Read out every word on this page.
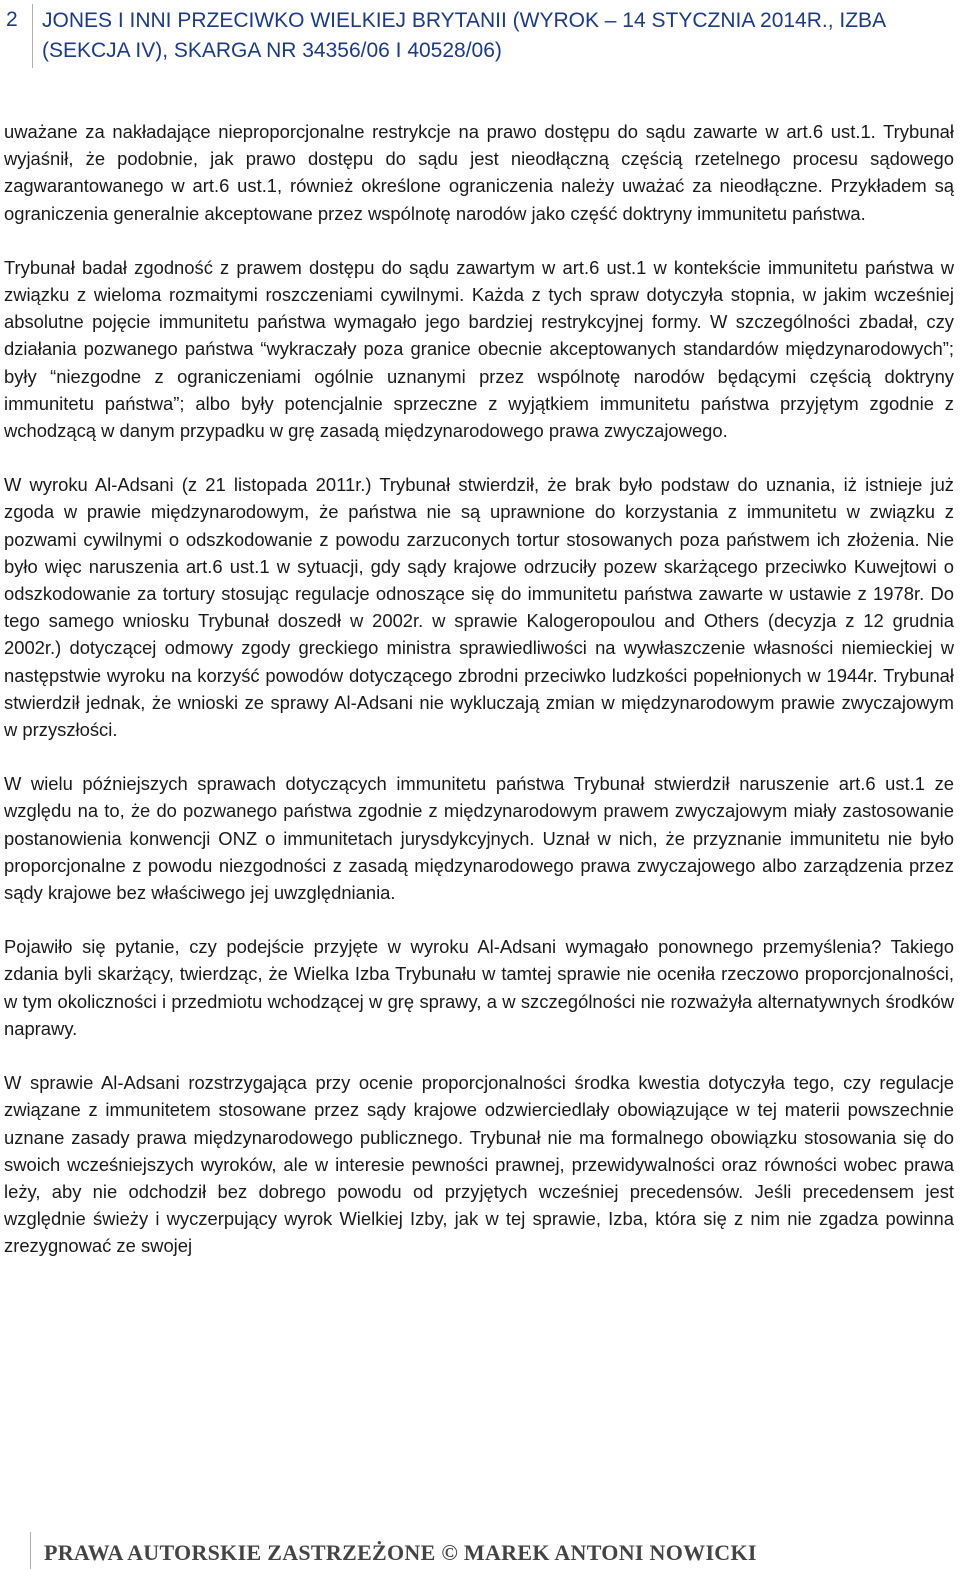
2	JONES I INNI PRZECIWKO WIELKIEJ BRYTANII (WYROK – 14 STYCZNIA 2014R., IZBA (SEKCJA IV), SKARGA NR 34356/06 I 40528/06)

uważane za nakładające nieproporcjonalne restrykcje na prawo dostępu do sądu zawarte w art.6 ust.1. Trybunał wyjaśnił, że podobnie, jak prawo dostępu do sądu jest nieodłączną częścią rzetelnego procesu sądowego zagwarantowanego w art.6 ust.1, również określone ograniczenia należy uważać za nieodłączne. Przykładem są ograniczenia generalnie akceptowane przez wspólnotę narodów jako część doktryny immunitetu państwa.

Trybunał badał zgodność z prawem dostępu do sądu zawartym w art.6 ust.1 w kontekście immunitetu państwa w związku z wieloma rozmaitymi roszczeniami cywilnymi. Każda z tych spraw dotyczyła stopnia, w jakim wcześniej absolutne pojęcie immunitetu państwa wymagało jego bardziej restrykcyjnej formy. W szczególności zbadał, czy działania pozwanego państwa “wykraczały poza granice obecnie akceptowanych standardów międzynarodowych”; były “niezgodne z ograniczeniami ogólnie uznanymi przez wspólnotę narodów będącymi częścią doktryny immunitetu państwa”; albo były potencjalnie sprzeczne z wyjątkiem immunitetu państwa przyjętym zgodnie z wchodzącą w danym przypadku w grę zasadą międzynarodowego prawa zwyczajowego.

W wyroku Al-Adsani (z 21 listopada 2011r.) Trybunał stwierdził, że brak było podstaw do uznania, iż istnieje już zgoda w prawie międzynarodowym, że państwa nie są uprawnione do korzystania z immunitetu w związku z pozwami cywilnymi o odszkodowanie z powodu zarzuconych tortur stosowanych poza państwem ich złożenia. Nie było więc naruszenia art.6 ust.1 w sytuacji, gdy sądy krajowe odrzuciły pozew skarżącego przeciwko Kuwejtowi o odszkodowanie za tortury stosując regulacje odnoszące się do immunitetu państwa zawarte w ustawie z 1978r. Do tego samego wniosku Trybunał doszedł w 2002r. w sprawie Kalogeropoulou and Others (decyzja z 12 grudnia 2002r.) dotyczącej odmowy zgody greckiego ministra sprawiedliwości na wywłaszczenie własności niemieckiej w następstwie wyroku na korzyść powodów dotyczącego zbrodni przeciwko ludzkości popełnionych w 1944r. Trybunał stwierdził jednak, że wnioski ze sprawy Al-Adsani nie wykluczają zmian w międzynarodowym prawie zwyczajowym w przyszłości.

W wielu późniejszych sprawach dotyczących immunitetu państwa Trybunał stwierdził naruszenie art.6 ust.1 ze względu na to, że do pozwanego państwa zgodnie z międzynarodowym prawem zwyczajowym miały zastosowanie postanowienia konwencji ONZ o immunitetach jurysdykcyjnych. Uznał w nich, że przyznanie immunitetu nie było proporcjonalne z powodu niezgodności z zasadą międzynarodowego prawa zwyczajowego albo zarządzenia przez sądy krajowe bez właściwego jej uwzględniania.

Pojawiło się pytanie, czy podejście przyjęte w wyroku Al-Adsani wymagało ponownego przemyślenia? Takiego zdania byli skarżący, twierdząc, że Wielka Izba Trybunału w tamtej sprawie nie oceniła rzeczowo proporcjonalności, w tym okoliczności i przedmiotu wchodzącej w grę sprawy, a w szczególności nie rozważyła alternatywnych środków naprawy.

W sprawie Al-Adsani rozstrzygająca przy ocenie proporcjonalności środka kwestia dotyczyła tego, czy regulacje związane z immunitetem stosowane przez sądy krajowe odzwierciedlały obowiązujące w tej materii powszechnie uznane zasady prawa międzynarodowego publicznego. Trybunał nie ma formalnego obowiązku stosowania się do swoich wcześniejszych wyroków, ale w interesie pewności prawnej, przewidywalności oraz równości wobec prawa leży, aby nie odchodził bez dobrego powodu od przyjętych wcześniej precedensów. Jeśli precedensem jest względnie świeży i wyczerpujący wyrok Wielkiej Izby, jak w tej sprawie, Izba, która się z nim nie zgadza powinna zrezygnować ze swojej

PRAWA AUTORSKIE ZASTRZEŻONE © MAREK ANTONI NOWICKI
